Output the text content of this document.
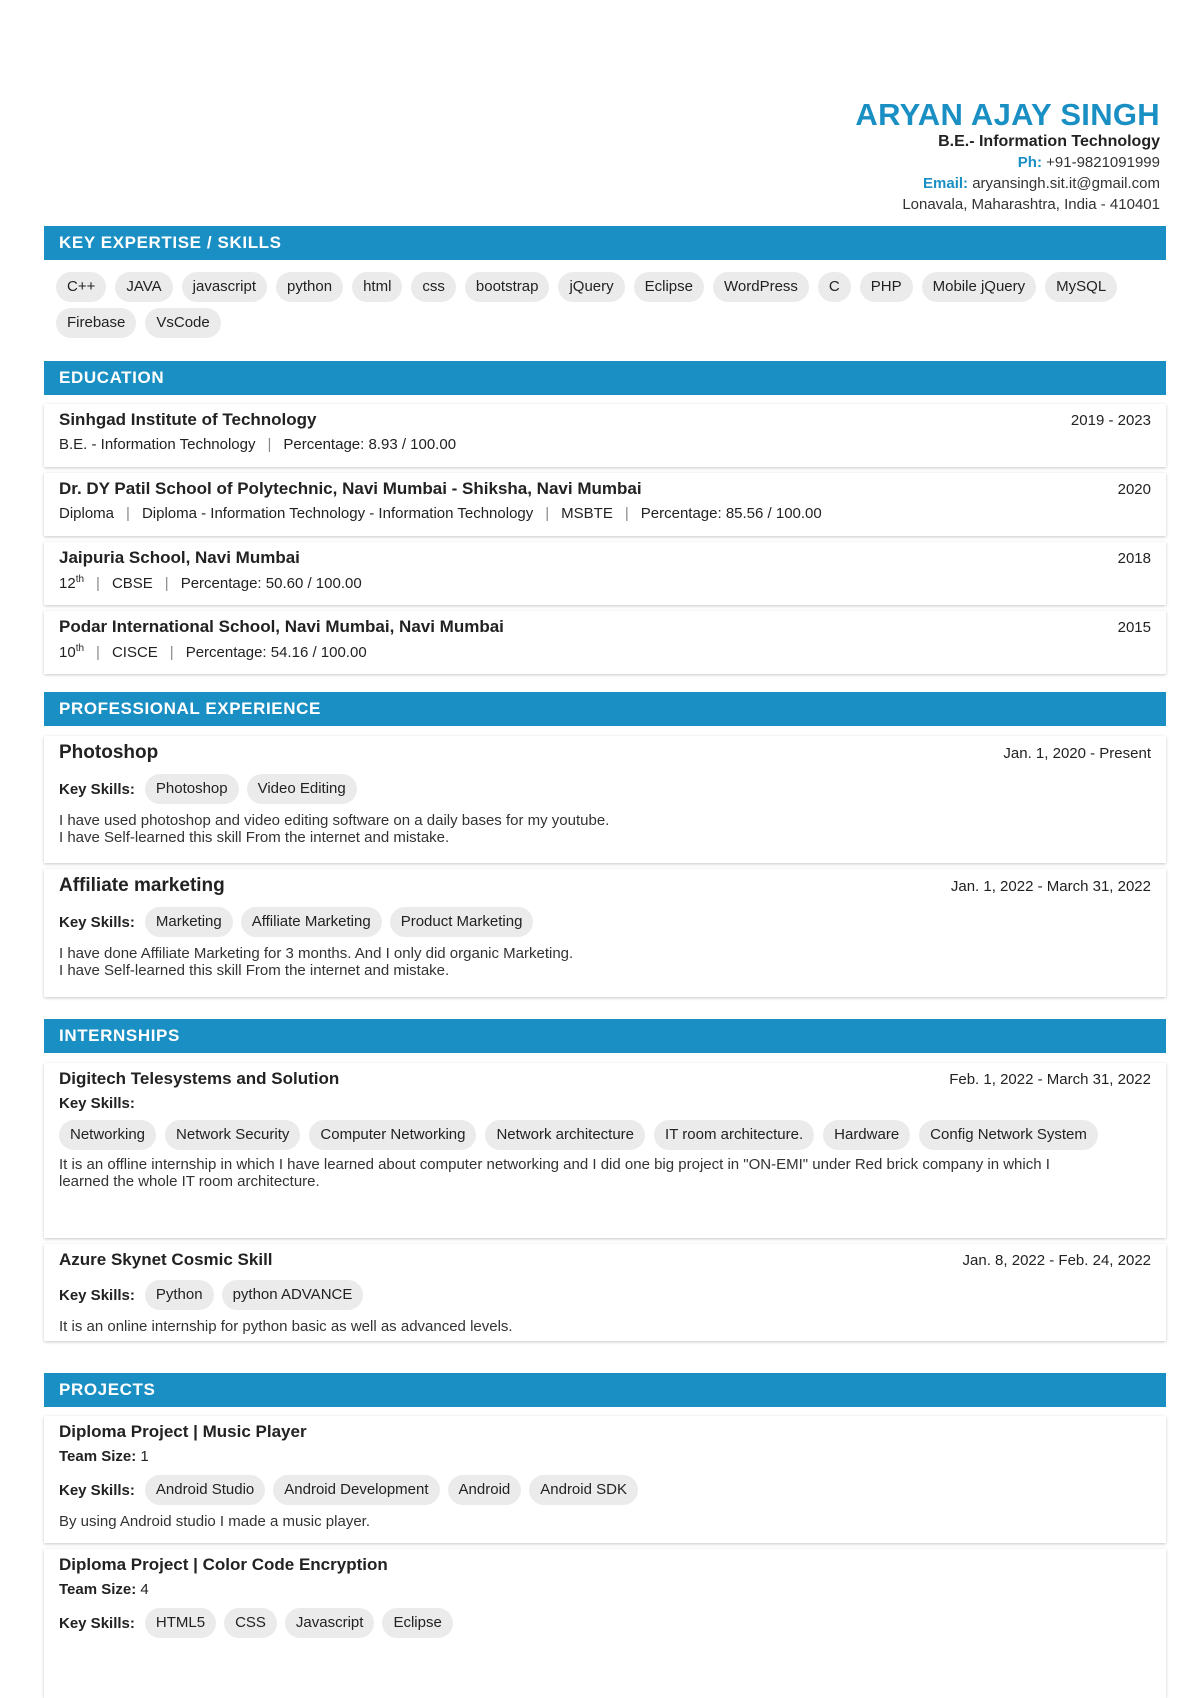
ARYAN AJAY SINGH
B.E.- Information Technology
Ph: +91-9821091999
Email: aryansingh.sit.it@gmail.com
Lonavala, Maharashtra, India - 410401
KEY EXPERTISE / SKILLS
C++	JAVA	javascript	python	html	css	bootstrap	jQuery	Eclipse	WordPress	C	PHP	Mobile jQuery	MySQL
Firebase	VsCode
EDUCATION
Sinhgad Institute of Technology	2019 - 2023
B.E. - Information Technology | Percentage: 8.93 / 100.00
Dr. DY Patil School of Polytechnic, Navi Mumbai - Shiksha, Navi Mumbai	2020
Diploma | Diploma - Information Technology - Information Technology | MSBTE | Percentage: 85.56 / 100.00
Jaipuria School, Navi Mumbai	2018
12th | CBSE | Percentage: 50.60 / 100.00
Podar International School, Navi Mumbai, Navi Mumbai	2015
10th | CISCE | Percentage: 54.16 / 100.00
PROFESSIONAL EXPERIENCE
Photoshop	Jan. 1, 2020 - Present
Key Skills:	Photoshop	Video Editing
I have used photoshop and video editing software on a daily bases for my youtube.
I have Self-learned this skill From the internet and mistake.
Affiliate marketing	Jan. 1, 2022 - March 31, 2022
Key Skills:	Marketing	Affiliate Marketing	Product Marketing
I have done Affiliate Marketing for 3 months. And I only did organic Marketing.
I have Self-learned this skill From the internet and mistake.
INTERNSHIPS
Digitech Telesystems and Solution	Feb. 1, 2022 - March 31, 2022
Key Skills:
Networking	Network Security	Computer Networking	Network architecture	IT room architecture.	Hardware	Config Network System
It is an offline internship in which I have learned about computer networking and I did one big project in "ON-EMI" under Red brick company in which I
learned the whole IT room architecture.
Azure Skynet Cosmic Skill	Jan. 8, 2022 - Feb. 24, 2022
Key Skills:	Python	python ADVANCE
It is an online internship for python basic as well as advanced levels.
PROJECTS
Diploma Project | Music Player
Team Size: 1
Key Skills:	Android Studio	Android Development	Android	Android SDK
By using Android studio I made a music player.
Diploma Project | Color Code Encryption
Team Size: 4
Key Skills:	HTML5	CSS	Javascript	Eclipse
